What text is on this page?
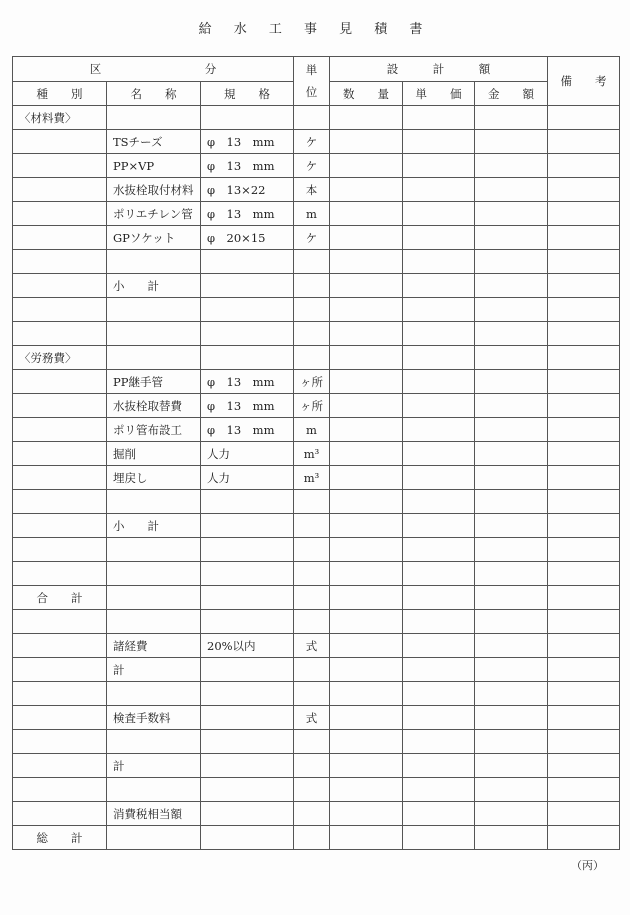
給 水 工 事 見 積 書
区　　　　　　　　　分			単位	設　　　計　　　額			備　　考
種　　別	名　　称	規　　格		数　　量	単　　価	金　　額	
〈材料費〉							
	TSチーズ	φ　13　mm	ケ				
	PP×VP	φ　13　mm	ケ				
	水抜栓取付材料	φ　13×22	本				
	ポリエチレン管	φ　13　mm	m				
	GPソケット	φ　20×15	ケ				

	小　　計						

〈労務費〉							
	PP継手管	φ　13　mm	ヶ所				
	水抜栓取替費	φ　13　mm	ヶ所				
	ポリ管布設工	φ　13　mm	m				
	掘削	人力	m³				
	埋戻し	人力	m³				

	小　　計						

合　　計							

	諸経費	20%以内	式				
	計						

	検査手数料		式				

	計						

	消費税相当額						
総　　計							
（丙）
